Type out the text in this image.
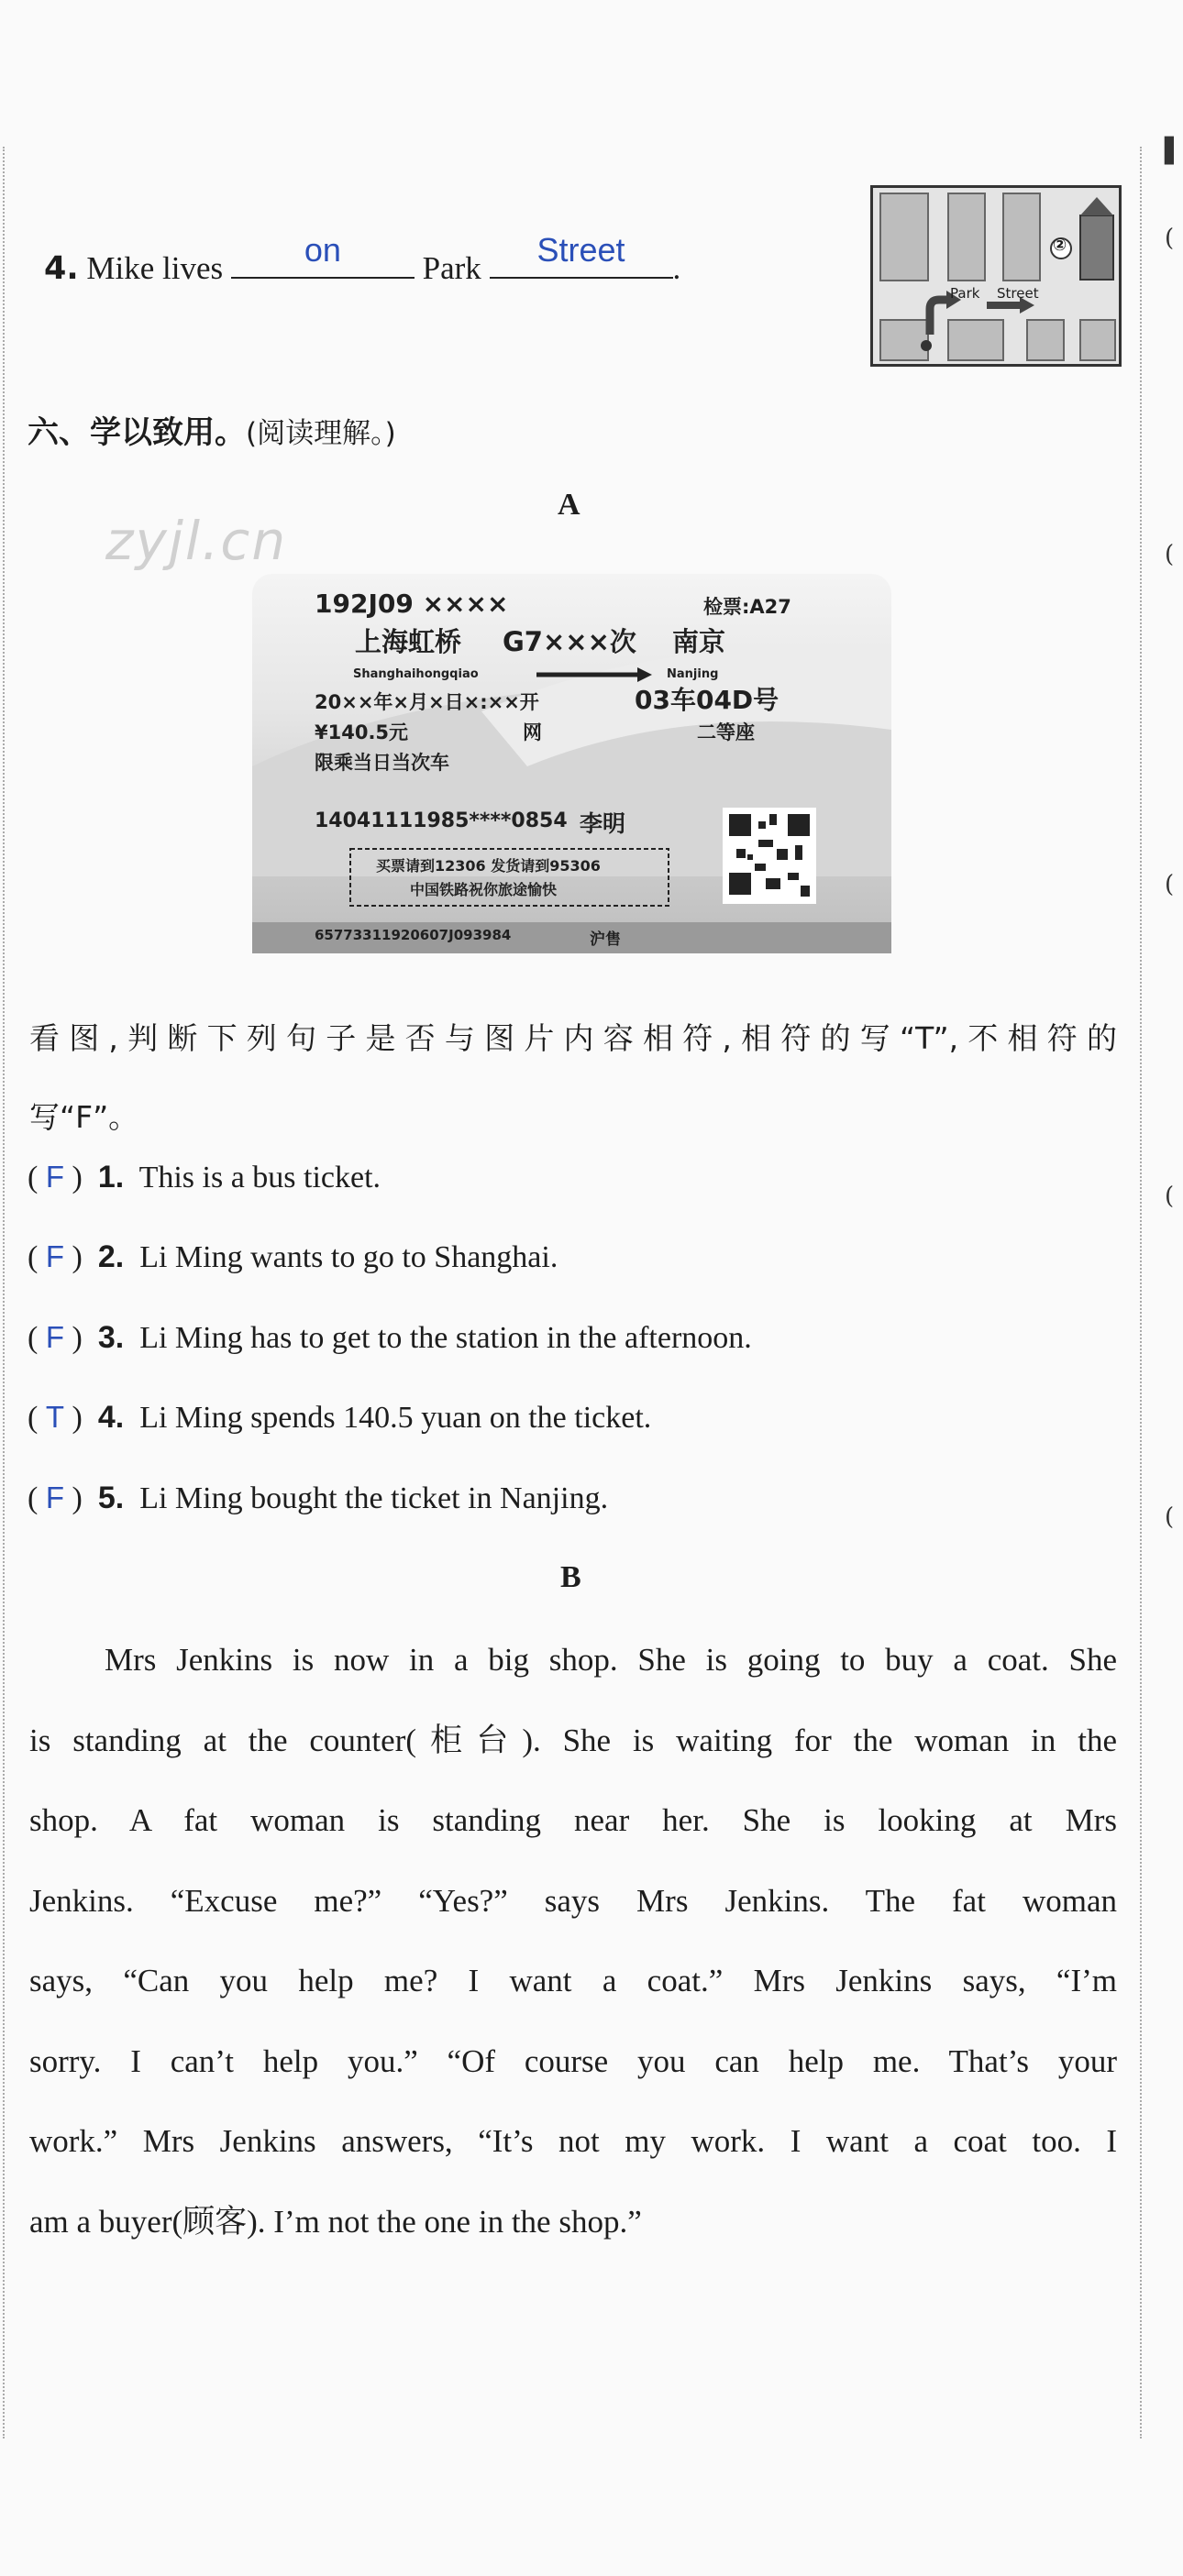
▌
(
(
(
(
(
4. Mike lives	on	Park	Street	.
Park Street
②
六、学以致用。(阅读理解。)
A
zyjl.cn
192J09 ××××	检票:A27
上海虹桥 G7×××次 南京
Shanghaihongqiao	Nanjing
20××年×月×日×:××开	03车04D号
¥140.5元	网	二等座
限乘当日当次车
14041111985****0854 李明
买票请到12306 发货请到95306
中国铁路祝你旅途愉快
65773311920607J093984	沪售
看图,判断下列句子是否与图片内容相符,相符的写“T”,不相符的
写“F”。
( F )  1. This is a bus ticket.
( F )  2. Li Ming wants to go to Shanghai.
( F )  3. Li Ming has to get to the station in the afternoon.
( T )  4. Li Ming spends 140.5 yuan on the ticket.
( F )  5. Li Ming bought the ticket in Nanjing.
B
Mrs Jenkins is now in a big shop. She is going to buy a coat. She
is standing at the counter(柜台). She is waiting for the woman in the
shop. A fat woman is standing near her. She is looking at Mrs
Jenkins. “Excuse me?” “Yes?” says Mrs Jenkins. The fat woman
says, “Can you help me? I want a coat.” Mrs Jenkins says, “I’m
sorry. I can’t help you.” “Of course you can help me. That’s your
work.” Mrs Jenkins answers, “It’s not my work. I want a coat too. I
am a buyer(顾客). I’m not the one in the shop.”
